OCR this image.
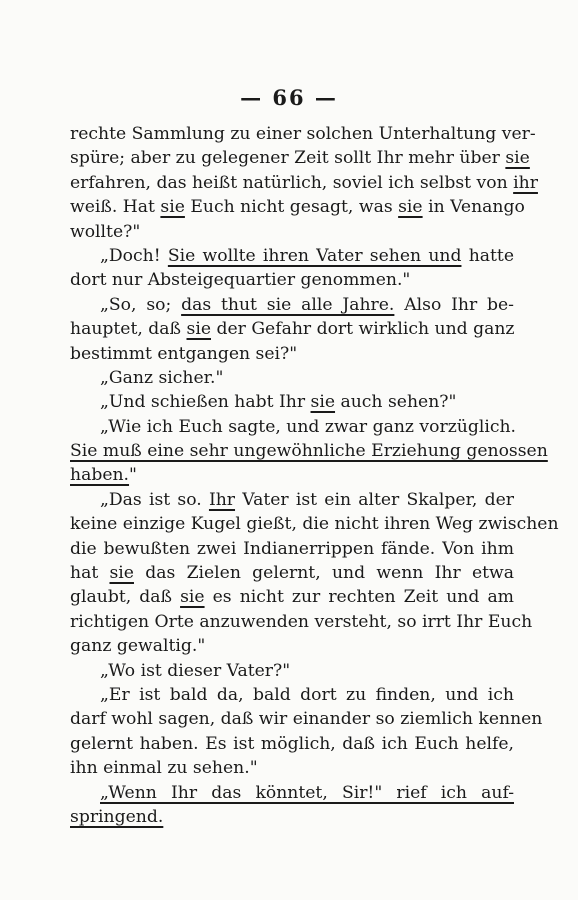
— 66 —
rechte Sammlung zu einer solchen Unterhaltung ver-
spüre; aber zu gelegener Zeit sollt Ihr mehr über sie
erfahren, das heißt natürlich, soviel ich selbst von ihr
weiß. Hat sie Euch nicht gesagt, was sie in Venango
wollte?"
„Doch! Sie wollte ihren Vater sehen und hatte
dort nur Absteigequartier genommen."
„So, so; das thut sie alle Jahre. Also Ihr be-
hauptet, daß sie der Gefahr dort wirklich und ganz
bestimmt entgangen sei?"
„Ganz sicher."
„Und schießen habt Ihr sie auch sehen?"
„Wie ich Euch sagte, und zwar ganz vorzüglich.
Sie muß eine sehr ungewöhnliche Erziehung genossen
haben."
„Das ist so. Ihr Vater ist ein alter Skalper, der
keine einzige Kugel gießt, die nicht ihren Weg zwischen
die bewußten zwei Indianerrippen fände. Von ihm
hat sie das Zielen gelernt, und wenn Ihr etwa
glaubt, daß sie es nicht zur rechten Zeit und am
richtigen Orte anzuwenden versteht, so irrt Ihr Euch
ganz gewaltig."
„Wo ist dieser Vater?"
„Er ist bald da, bald dort zu finden, und ich
darf wohl sagen, daß wir einander so ziemlich kennen
gelernt haben. Es ist möglich, daß ich Euch helfe,
ihn einmal zu sehen."
„Wenn Ihr das könntet, Sir!" rief ich auf-
springend.
